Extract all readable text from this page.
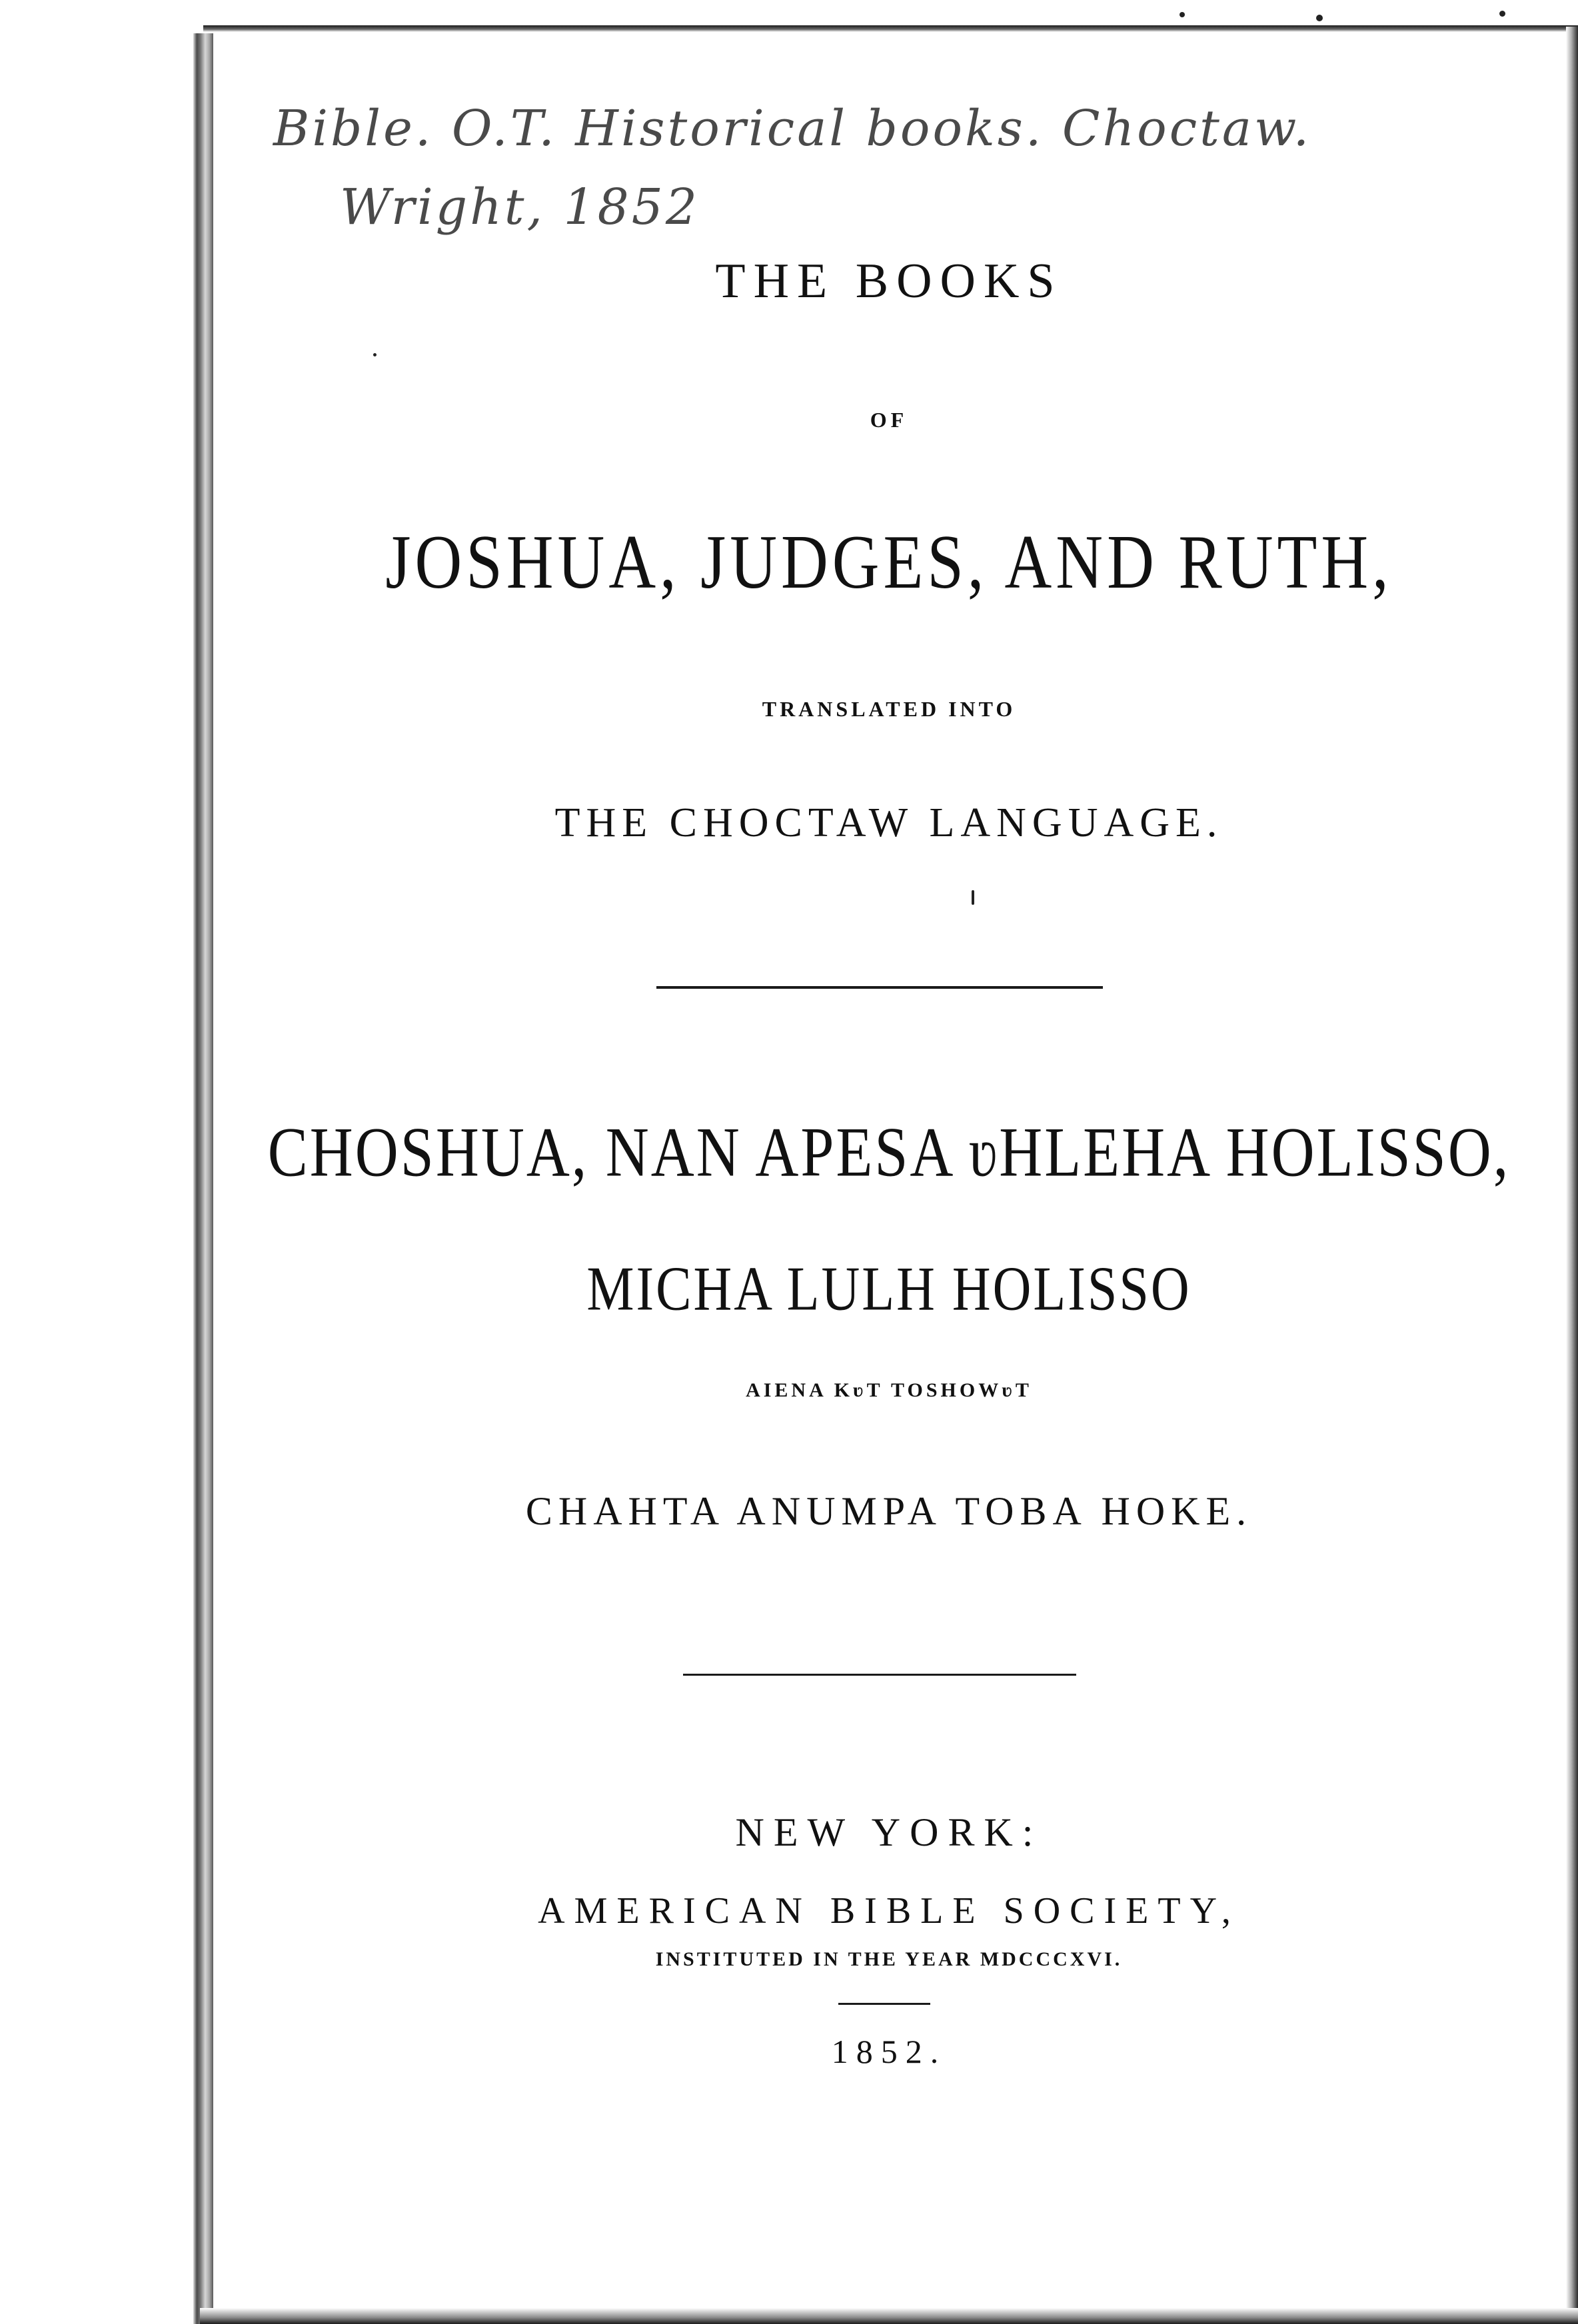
Bible. O.T. Historical books. Choctaw.
Wright, 1852
THE BOOKS
OF
JOSHUA, JUDGES, AND RUTH,
TRANSLATED INTO
THE CHOCTAW LANGUAGE.
CHOSHUA, NAN APESA ʋHLEHA HOLISSO,
MICHA LULH HOLISSO
AIENA KʋT TOSHOWʋT
CHAHTA ANUMPA TOBA HOKE.
NEW YORK:
AMERICAN BIBLE SOCIETY,
INSTITUTED IN THE YEAR MDCCCXVI.
1852.
